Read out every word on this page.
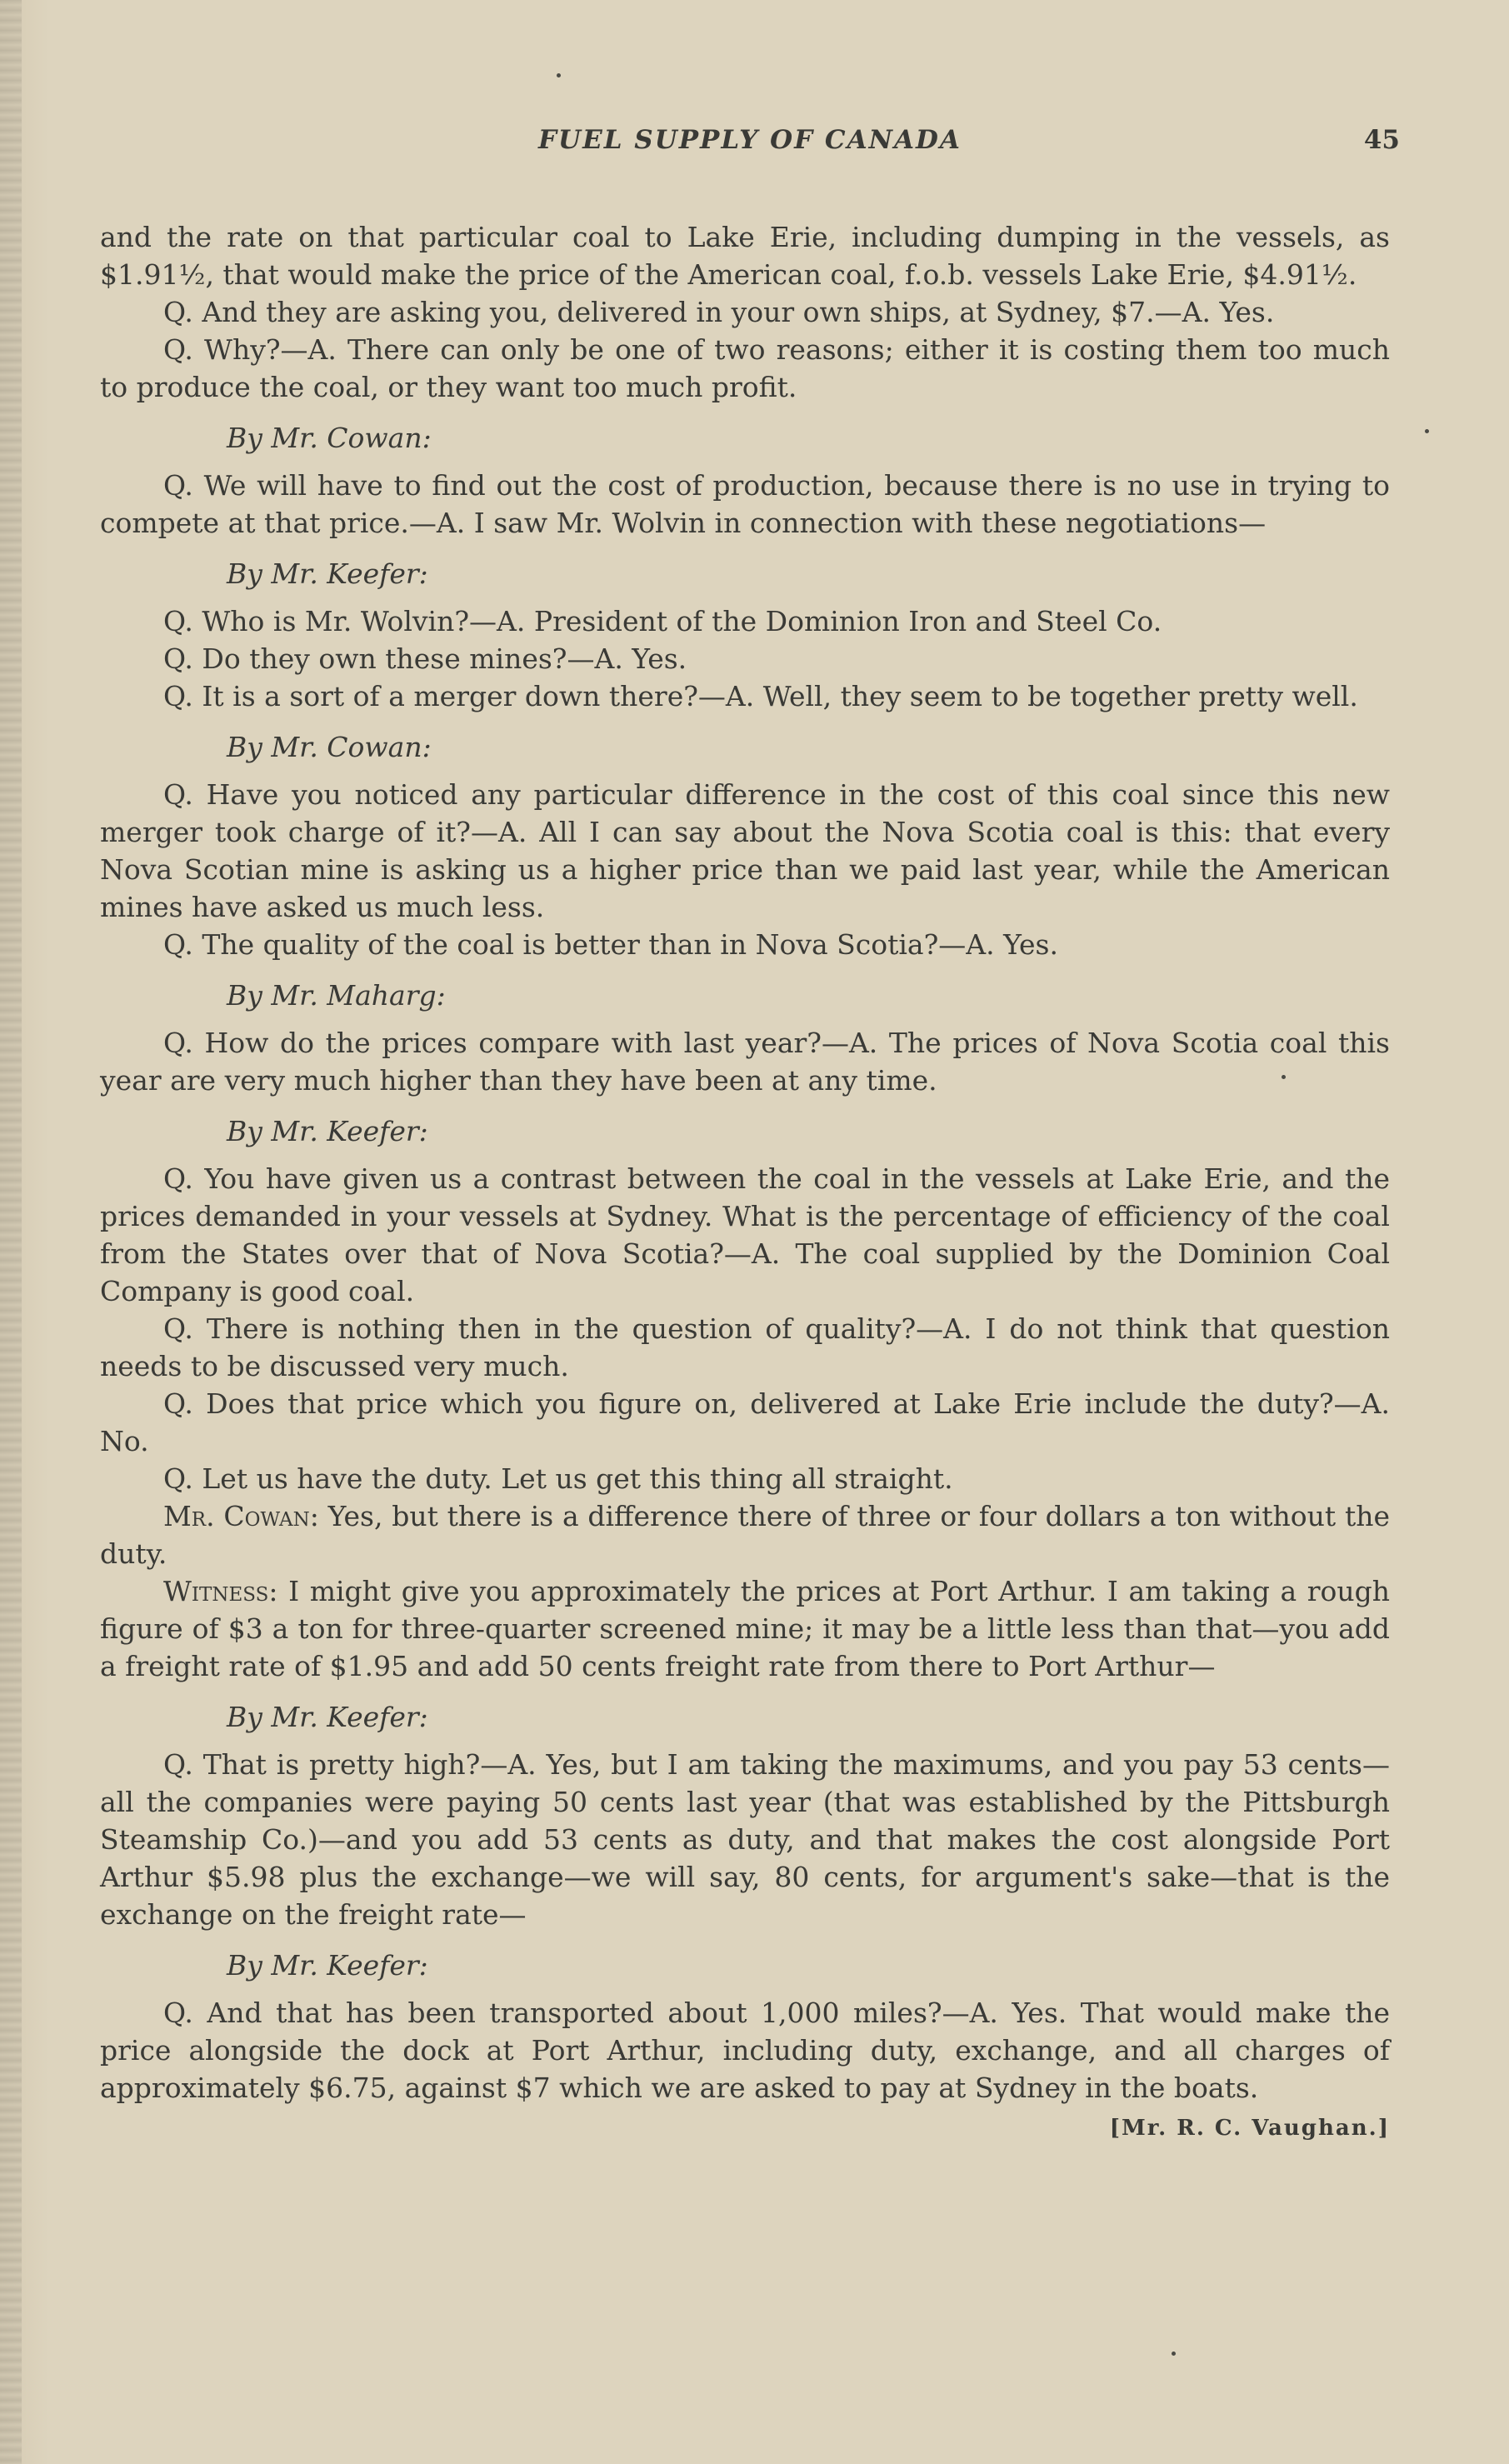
FUEL SUPPLY OF CANADA	45

and the rate on that particular coal to Lake Erie, including dumping in the vessels, as $1.91½, that would make the price of the American coal, f.o.b. vessels Lake Erie, $4.91½.

Q. And they are asking you, delivered in your own ships, at Sydney, $7.—A. Yes.

Q. Why?—A. There can only be one of two reasons; either it is costing them too much to produce the coal, or they want too much profit.

By Mr. Cowan:

Q. We will have to find out the cost of production, because there is no use in trying to compete at that price.—A. I saw Mr. Wolvin in connection with these negotiations—

By Mr. Keefer:

Q. Who is Mr. Wolvin?—A. President of the Dominion Iron and Steel Co.

Q. Do they own these mines?—A. Yes.

Q. It is a sort of a merger down there?—A. Well, they seem to be together pretty well.

By Mr. Cowan:

Q. Have you noticed any particular difference in the cost of this coal since this new merger took charge of it?—A. All I can say about the Nova Scotia coal is this: that every Nova Scotian mine is asking us a higher price than we paid last year, while the American mines have asked us much less.

Q. The quality of the coal is better than in Nova Scotia?—A. Yes.

By Mr. Maharg:

Q. How do the prices compare with last year?—A. The prices of Nova Scotia coal this year are very much higher than they have been at any time.

By Mr. Keefer:

Q. You have given us a contrast between the coal in the vessels at Lake Erie, and the prices demanded in your vessels at Sydney. What is the percentage of efficiency of the coal from the States over that of Nova Scotia?—A. The coal supplied by the Dominion Coal Company is good coal.

Q. There is nothing then in the question of quality?—A. I do not think that question needs to be discussed very much.

Q. Does that price which you figure on, delivered at Lake Erie include the duty?—A. No.

Q. Let us have the duty. Let us get this thing all straight.

Mr. Cowan: Yes, but there is a difference there of three or four dollars a ton without the duty.

Witness: I might give you approximately the prices at Port Arthur. I am taking a rough figure of $3 a ton for three-quarter screened mine; it may be a little less than that—you add a freight rate of $1.95 and add 50 cents freight rate from there to Port Arthur—

By Mr. Keefer:

Q. That is pretty high?—A. Yes, but I am taking the maximums, and you pay 53 cents—all the companies were paying 50 cents last year (that was established by the Pittsburgh Steamship Co.)—and you add 53 cents as duty, and that makes the cost alongside Port Arthur $5.98 plus the exchange—we will say, 80 cents, for argument's sake—that is the exchange on the freight rate—

By Mr. Keefer:

Q. And that has been transported about 1,000 miles?—A. Yes. That would make the price alongside the dock at Port Arthur, including duty, exchange, and all charges of approximately $6.75, against $7 which we are asked to pay at Sydney in the boats.

[Mr. R. C. Vaughan.]
